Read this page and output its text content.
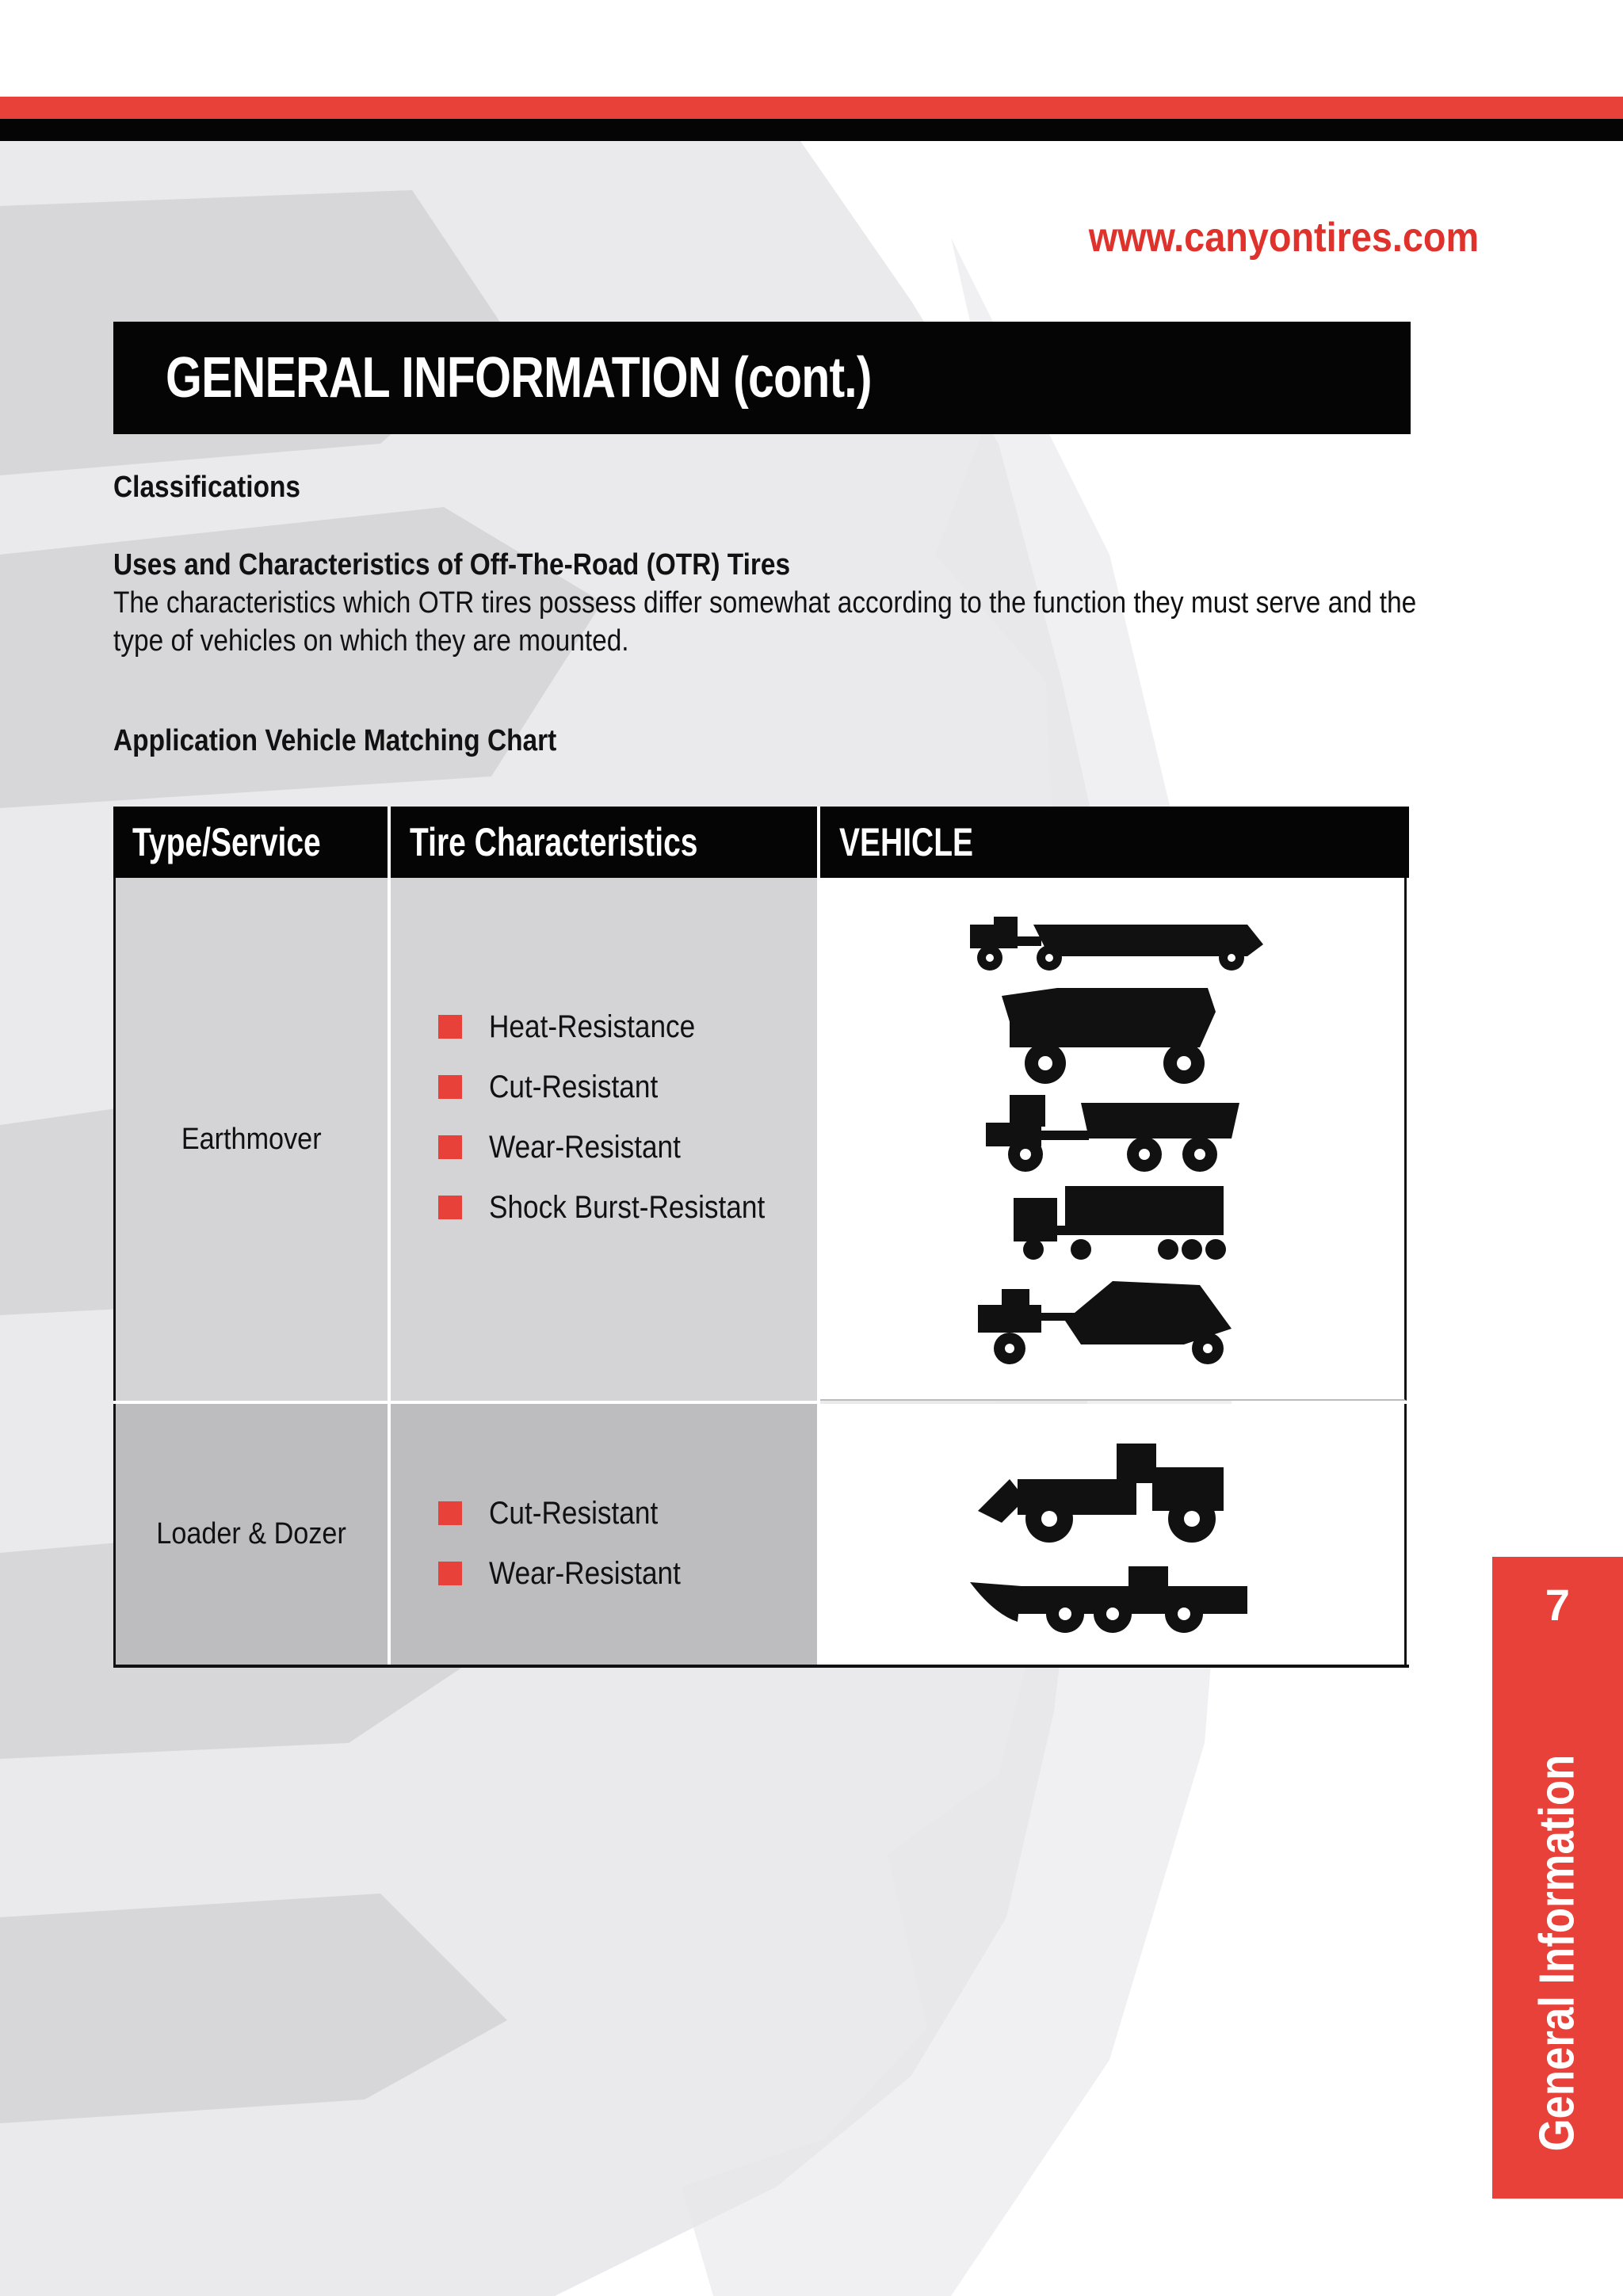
www.canyontires.com
GENERAL INFORMATION (cont.)
Classifications
Uses and Characteristics of Off-The-Road (OTR) Tires
The characteristics which OTR tires possess differ somewhat according to the function they must serve and the type of vehicles on which they are mounted.
Application Vehicle Matching Chart
Type/Service Tire Characteristics	VEHICLE
Earthmover
Heat-Resistance
Cut-Resistant
Wear-Resistant
Shock Burst-Resistant
Loader & Dozer
Cut-Resistant
Wear-Resistant
7
General Information
